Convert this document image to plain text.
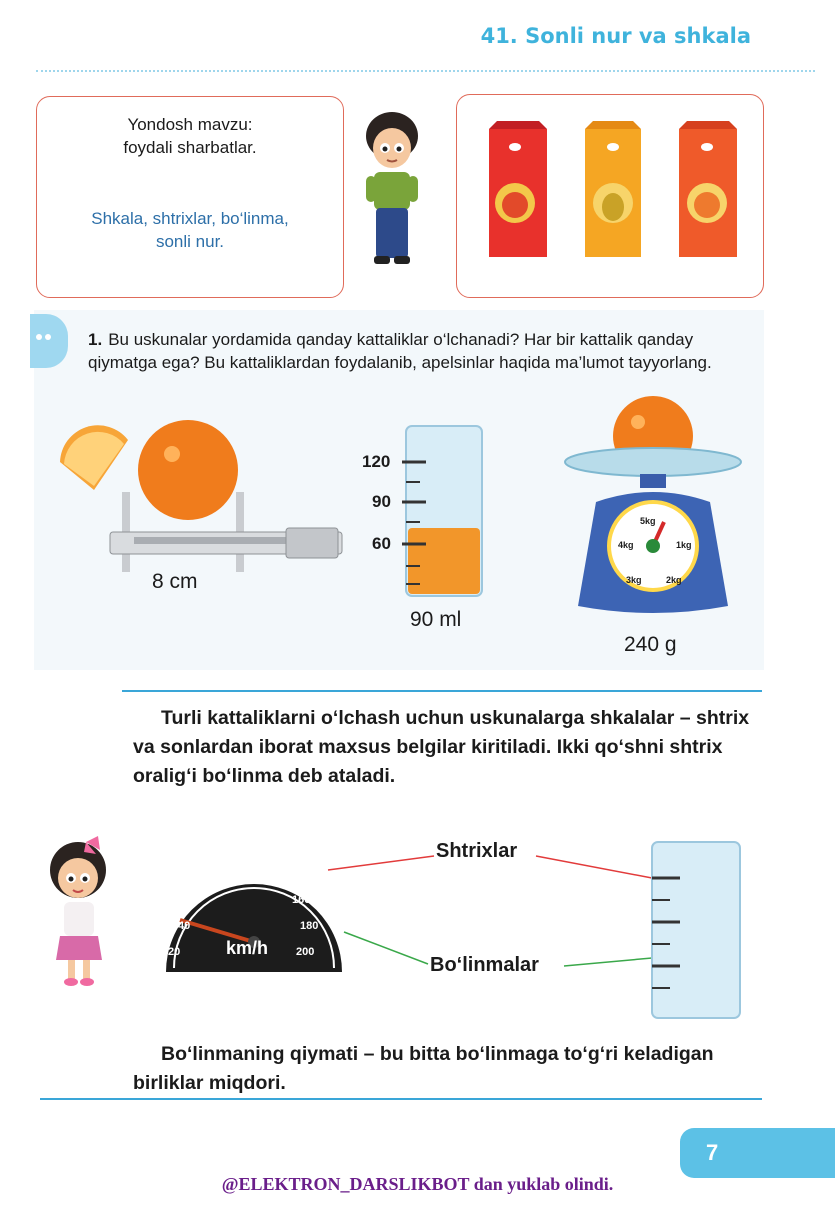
41. Sonli nur va shkala
Yondosh mavzu:
foydali sharbatlar.
Shkala, shtrixlar, bo‘linma,
sonli nur.
1. Bu uskunalar yordamida qanday kattaliklar o‘lchanadi? Har bir kattalik qanday qiymatga ega? Bu kattaliklardan foydalanib, apelsinlar haqida ma’lumot tayyorlang.
8 cm
120
90
60
90 ml
5kg
1kg
4kg
3kg	2kg
240 g
Turli kattaliklarni o‘lchash uchun uskunalarga shkalalar – shtrix va sonlardan iborat maxsus belgilar kiritiladi. Ikki qo‘shni shtrix oralig‘i bo‘linma deb ataladi.
20
40
60
80
100 120
140
160
180
200
km/h
Shtrixlar
Bo‘linmalar
Bo‘linmaning qiymati – bu bitta bo‘linmaga to‘g‘ri keladigan birliklar miqdori.
7
@ELEKTRON_DARSLIKBOT dan yuklab olindi.
